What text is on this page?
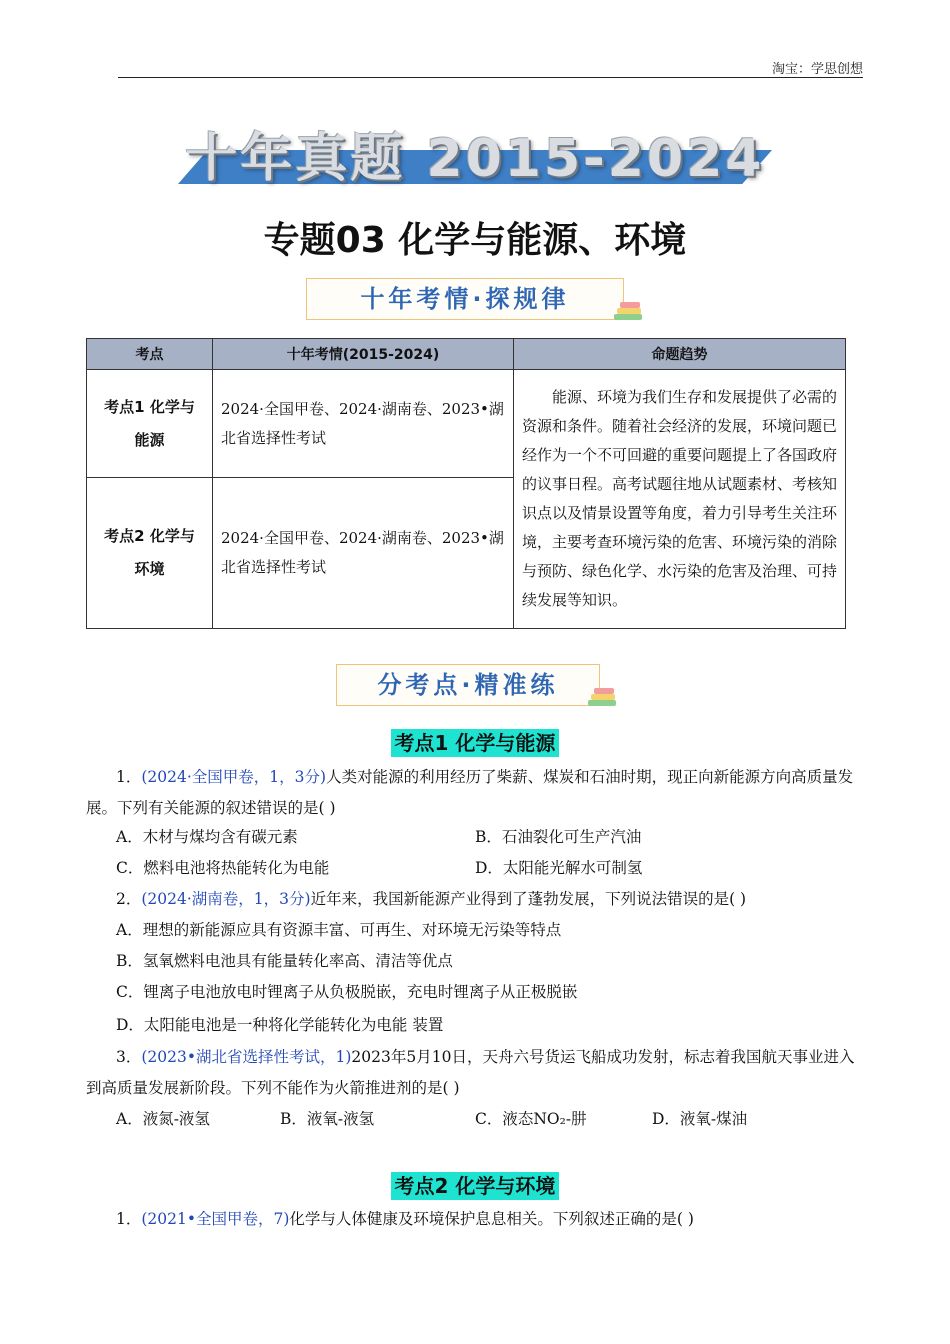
淘宝：学思创想
十年真题 2015-2024
专题03 化学与能源、环境
十年考情·探规律
考点	十年考情(2015-2024)	命题趋势

考点1 化学与能源	2024·全国甲卷、2024·湖南卷、2023•湖北省选择性考试	能源、环境为我们生存和发展提供了必需的资源和条件。随着社会经济的发展，环境问题已经作为一个不可回避的重要问题提上了各国政府的议事日程。高考试题往地从试题素材、考核知识点以及情景设置等角度，着力引导考生关注环境，主要考查环境污染的危害、环境污染的消除与预防、绿色化学、水污染的危害及治理、可持续发展等知识。

考点2 化学与环境	2024·全国甲卷、2024·湖南卷、2023•湖北省选择性考试	
分考点·精准练
考点1 化学与能源

1．(2024·全国甲卷，1，3分)人类对能源的利用经历了柴薪、煤炭和石油时期，现正向新能源方向高质量发展。下列有关能源的叙述错误的是( )

A．木材与煤均含有碳元素	B．石油裂化可生产汽油
C．燃料电池将热能转化为电能	D．太阳能光解水可制氢

2．(2024·湖南卷，1，3分)近年来，我国新能源产业得到了蓬勃发展，下列说法错误的是( )

A．理想的新能源应具有资源丰富、可再生、对环境无污染等特点
B．氢氧燃料电池具有能量转化率高、清洁等优点
C．锂离子电池放电时锂离子从负极脱嵌，充电时锂离子从正极脱嵌
D．太阳能电池是一种将化学能转化为电能 装置

3．(2023•湖北省选择性考试，1)2023年5月10日，天舟六号货运飞船成功发射，标志着我国航天事业进入到高质量发展新阶段。下列不能作为火箭推进剂的是( )

A．液氮-液氢	B．液氧-液氢	C．液态NO₂-肼	D．液氧-煤油
考点2 化学与环境

1．(2021•全国甲卷，7)化学与人体健康及环境保护息息相关。下列叙述正确的是( )
